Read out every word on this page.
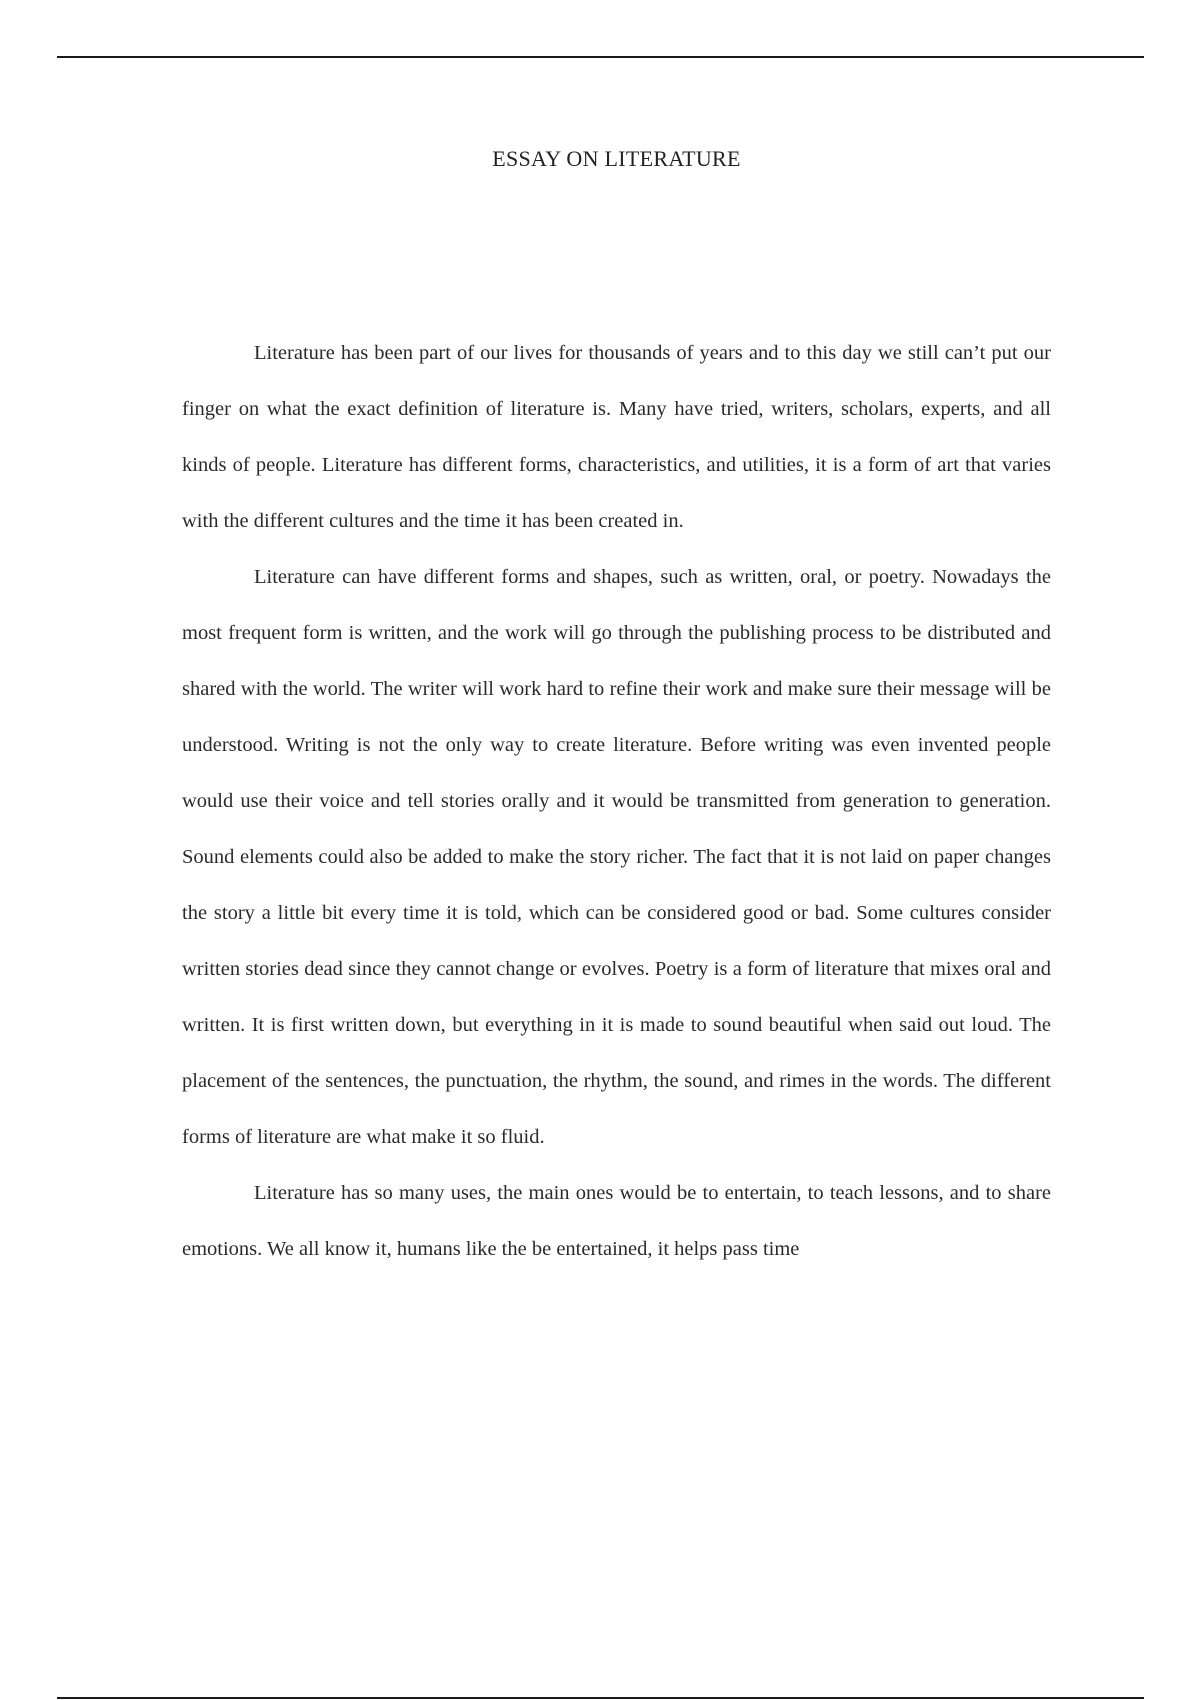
ESSAY ON LITERATURE

Literature has been part of our lives for thousands of years and to this day we still can’t put our finger on what the exact definition of literature is. Many have tried, writers, scholars, experts, and all kinds of people. Literature has different forms, characteristics, and utilities, it is a form of art that varies with the different cultures and the time it has been created in.

Literature can have different forms and shapes, such as written, oral, or poetry. Nowadays the most frequent form is written, and the work will go through the publishing process to be distributed and shared with the world. The writer will work hard to refine their work and make sure their message will be understood. Writing is not the only way to create literature. Before writing was even invented people would use their voice and tell stories orally and it would be transmitted from generation to generation. Sound elements could also be added to make the story richer. The fact that it is not laid on paper changes the story a little bit every time it is told, which can be considered good or bad. Some cultures consider written stories dead since they cannot change or evolves. Poetry is a form of literature that mixes oral and written. It is first written down, but everything in it is made to sound beautiful when said out loud. The placement of the sentences, the punctuation, the rhythm, the sound, and rimes in the words. The different forms of literature are what make it so fluid.

Literature has so many uses, the main ones would be to entertain, to teach lessons, and to share emotions. We all know it, humans like the be entertained, it helps pass time
